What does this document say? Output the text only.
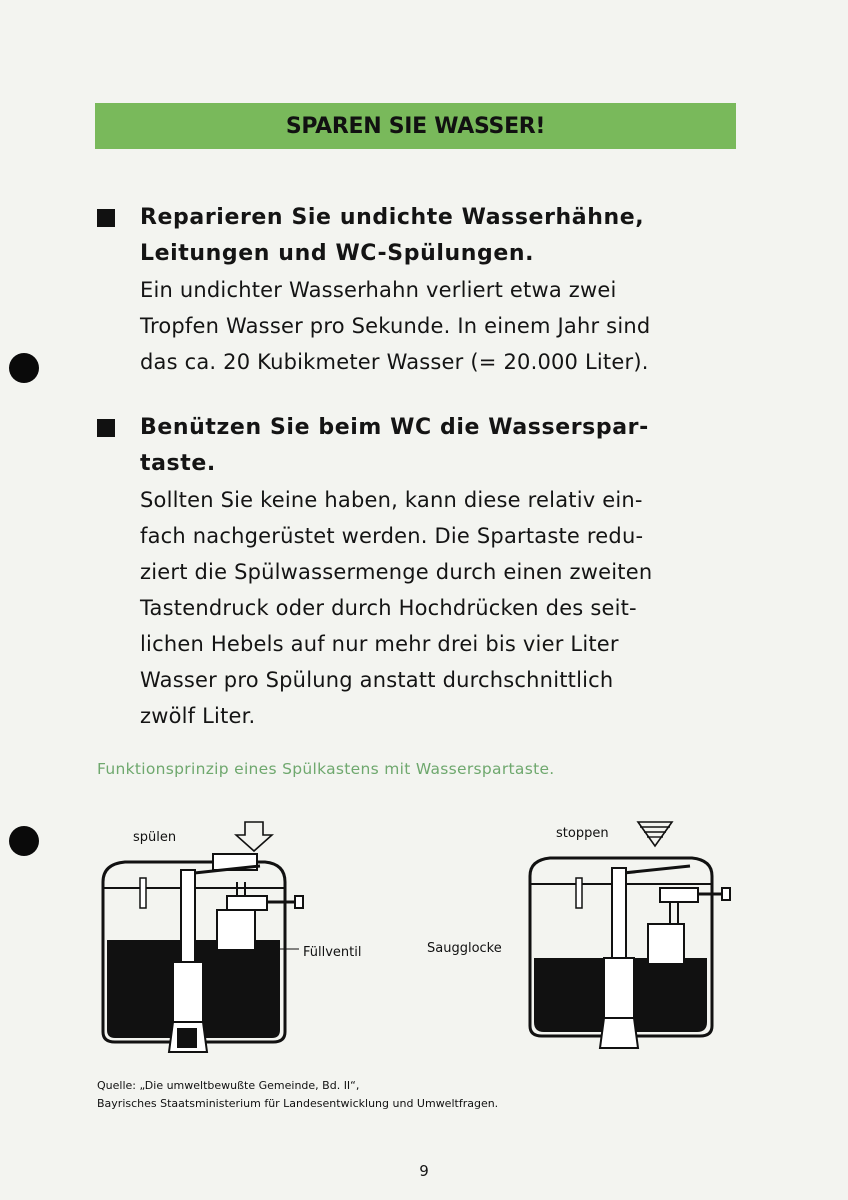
SPAREN SIE WASSER!
Reparieren Sie undichte Wasserhähne,
Leitungen und WC-Spülungen.
Ein undichter Wasserhahn verliert etwa zwei
Tropfen Wasser pro Sekunde. In einem Jahr sind
das ca. 20 Kubikmeter Wasser (= 20.000 Liter).
Benützen Sie beim WC die Wasserspar-
taste.
Sollten Sie keine haben, kann diese relativ ein-
fach nachgerüstet werden. Die Spartaste redu-
ziert die Spülwassermenge durch einen zweiten
Tastendruck oder durch Hochdrücken des seit-
lichen Hebels auf nur mehr drei bis vier Liter
Wasser pro Spülung anstatt durchschnittlich
zwölf Liter.
Funktionsprinzip eines Spülkastens mit Wasserspartaste.
spülen	stoppen
Füllventil	Saugglocke
Quelle: „Die umweltbewußte Gemeinde, Bd. II“,
Bayrisches Staatsministerium für Landesentwicklung und Umweltfragen.
9
